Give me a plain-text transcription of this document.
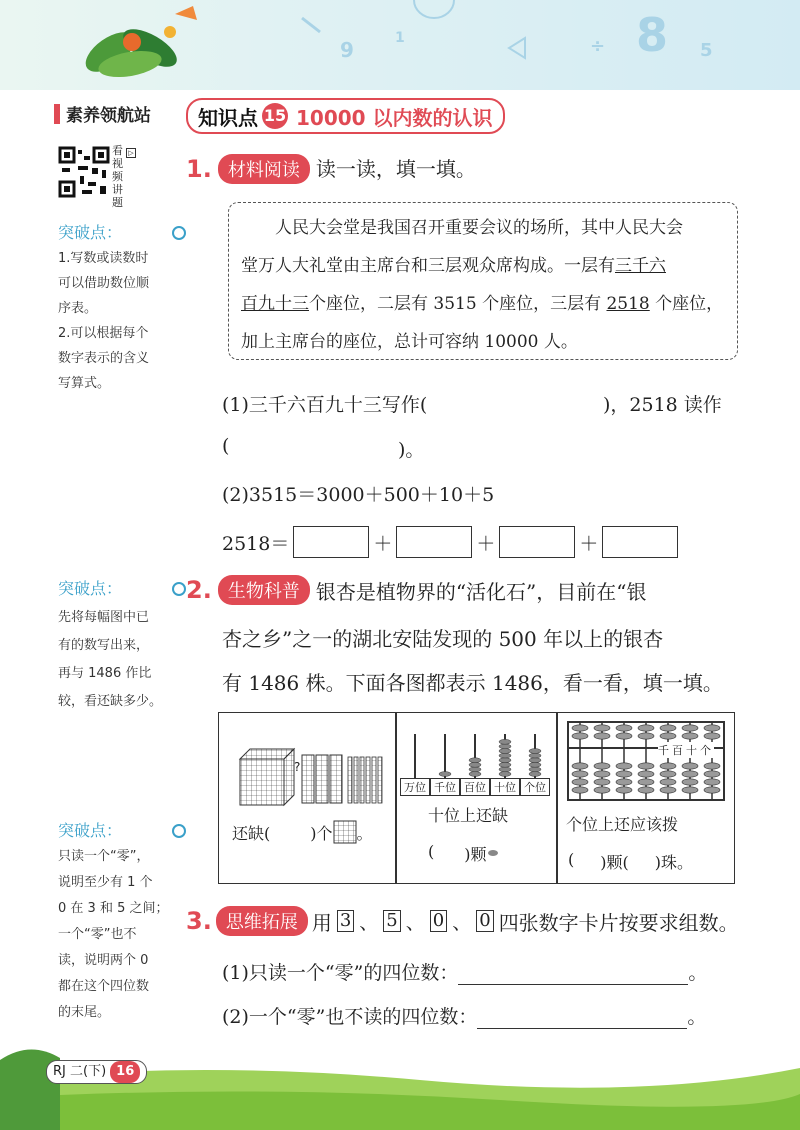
9	1	÷ 8 5
素养领航站
看
视
频
讲
题
▷
突破点：
1.写数或读数时
可以借助数位顺
序表。
2.可以根据每个
数字表示的含义
写算式。
突破点：
先将每幅图中已
有的数写出来，
再与 1486 作比
较，看还缺多少。
突破点：
只读一个“零”，
说明至少有 1 个
0 在 3 和 5 之间；
一个“零”也不
读，说明两个 0
都在这个四位数
的末尾。
知识点 15 10000 以内数的认识
1. 材料阅读 读一读，填一填。
人民大会堂是我国召开重要会议的场所，其中人民大会
堂万人大礼堂由主席台和三层观众席构成。一层有三千六
百九十三个座位，二层有 3515 个座位，三层有 2518 个座位，
加上主席台的座位，总计可容纳 10000 人。
(1)三千六百九十三写作(	)，2518 读作
(	)。
(2)3515＝3000＋500＋10＋5
2518＝	＋	＋	＋
2. 生物科普 银杏是植物界的“活化石”，目前在“银
杏之乡”之一的湖北安陆发现的 500 年以上的银杏
有 1486 株。下面各图都表示 1486，看一看，填一填。
?
还缺(	)个 。
万位 千位 百位 十位 个位
十位上还缺
( )颗
千百十个
个位上还应该拨
( )颗( )珠。
3. 思维拓展 用 3 、 5 、 0 、 0 四张数字卡片按要求组数。
(1)只读一个“零”的四位数：	。
(2)一个“零”也不读的四位数：	。
RJ 二(下) 16
